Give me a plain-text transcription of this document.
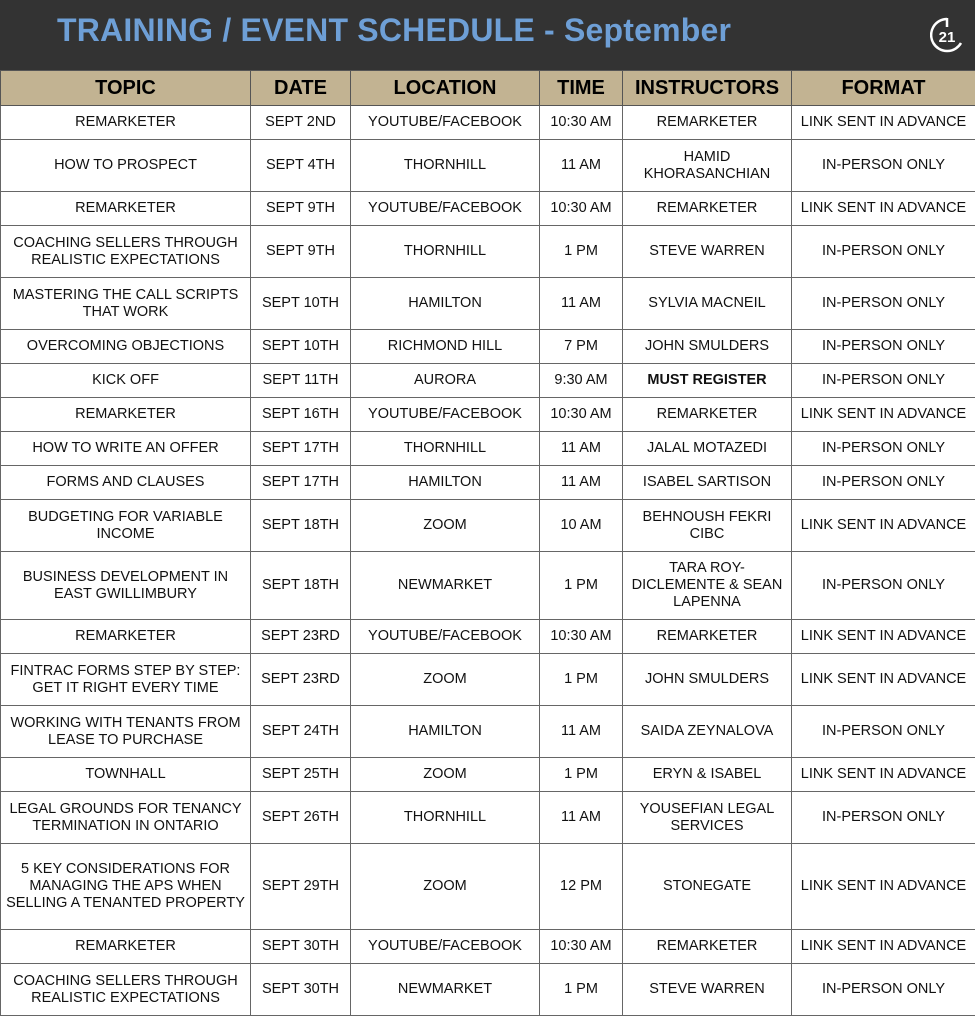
TRAINING / EVENT SCHEDULE - September	21
TOPIC	DATE	LOCATION	TIME	INSTRUCTORS	FORMAT
REMARKETER	SEPT 2ND	YOUTUBE/FACEBOOK	10:30 AM	REMARKETER	LINK SENT IN ADVANCE
HOW TO PROSPECT	SEPT 4TH	THORNHILL	11 AM	HAMID KHORASANCHIAN	IN-PERSON ONLY
REMARKETER	SEPT 9TH	YOUTUBE/FACEBOOK	10:30 AM	REMARKETER	LINK SENT IN ADVANCE
COACHING SELLERS THROUGH REALISTIC EXPECTATIONS	SEPT 9TH	THORNHILL	1 PM	STEVE WARREN	IN-PERSON ONLY
MASTERING THE CALL SCRIPTS THAT WORK	SEPT 10TH	HAMILTON	11 AM	SYLVIA MACNEIL	IN-PERSON ONLY
OVERCOMING OBJECTIONS	SEPT 10TH	RICHMOND HILL	7 PM	JOHN SMULDERS	IN-PERSON ONLY
KICK OFF	SEPT 11TH	AURORA	9:30 AM	MUST REGISTER	IN-PERSON ONLY
REMARKETER	SEPT 16TH	YOUTUBE/FACEBOOK	10:30 AM	REMARKETER	LINK SENT IN ADVANCE
HOW TO WRITE AN OFFER	SEPT 17TH	THORNHILL	11 AM	JALAL MOTAZEDI	IN-PERSON ONLY
FORMS AND CLAUSES	SEPT 17TH	HAMILTON	11 AM	ISABEL SARTISON	IN-PERSON ONLY
BUDGETING FOR VARIABLE INCOME	SEPT 18TH	ZOOM	10 AM	BEHNOUSH FEKRI CIBC	LINK SENT IN ADVANCE
BUSINESS DEVELOPMENT IN EAST GWILLIMBURY	SEPT 18TH	NEWMARKET	1 PM	TARA ROY-DICLEMENTE & SEAN LAPENNA	IN-PERSON ONLY
REMARKETER	SEPT 23RD	YOUTUBE/FACEBOOK	10:30 AM	REMARKETER	LINK SENT IN ADVANCE
FINTRAC FORMS STEP BY STEP: GET IT RIGHT EVERY TIME	SEPT 23RD	ZOOM	1 PM	JOHN SMULDERS	LINK SENT IN ADVANCE
WORKING WITH TENANTS FROM LEASE TO PURCHASE	SEPT 24TH	HAMILTON	11 AM	SAIDA ZEYNALOVA	IN-PERSON ONLY
TOWNHALL	SEPT 25TH	ZOOM	1 PM	ERYN & ISABEL	LINK SENT IN ADVANCE
LEGAL GROUNDS FOR TENANCY TERMINATION IN ONTARIO	SEPT 26TH	THORNHILL	11 AM	YOUSEFIAN LEGAL SERVICES	IN-PERSON ONLY
5 KEY CONSIDERATIONS FOR MANAGING THE APS WHEN SELLING A TENANTED PROPERTY	SEPT 29TH	ZOOM	12 PM	STONEGATE	LINK SENT IN ADVANCE
REMARKETER	SEPT 30TH	YOUTUBE/FACEBOOK	10:30 AM	REMARKETER	LINK SENT IN ADVANCE
COACHING SELLERS THROUGH REALISTIC EXPECTATIONS	SEPT 30TH	NEWMARKET	1 PM	STEVE WARREN	IN-PERSON ONLY
